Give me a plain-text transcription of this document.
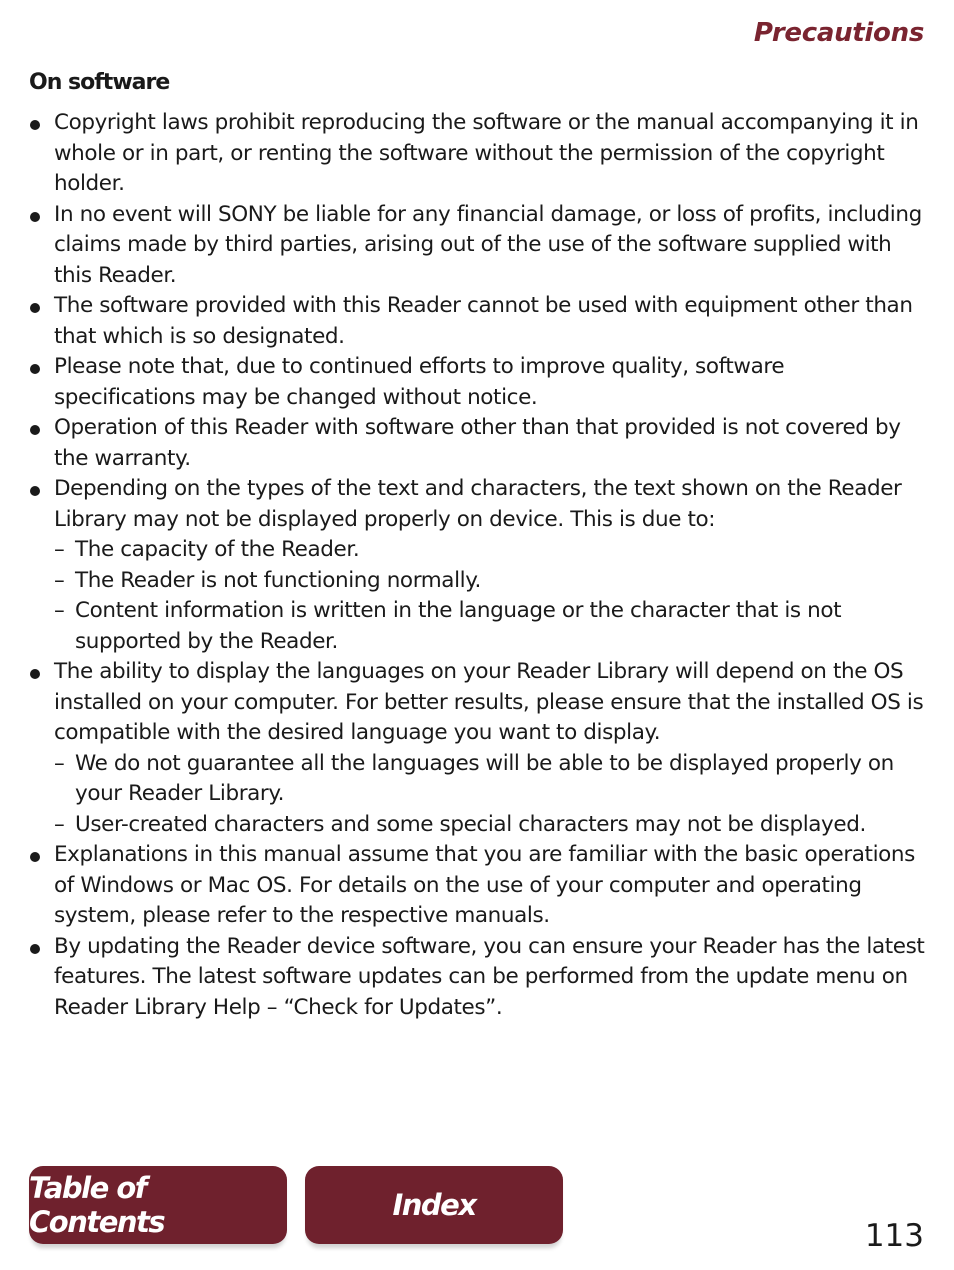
Precautions
On software
Copyright laws prohibit reproducing the software or the manual accompanying it in whole or in part, or renting the software without the permission of the copyright holder.
In no event will SONY be liable for any financial damage, or loss of profits, including claims made by third parties, arising out of the use of the software supplied with this Reader.
The software provided with this Reader cannot be used with equipment other than that which is so designated.
Please note that, due to continued efforts to improve quality, software specifications may be changed without notice.
Operation of this Reader with software other than that provided is not covered by the warranty.
Depending on the types of the text and characters, the text shown on the Reader Library may not be displayed properly on device. This is due to:
– The capacity of the Reader.
– The Reader is not functioning normally.
– Content information is written in the language or the character that is not supported by the Reader.
The ability to display the languages on your Reader Library will depend on the OS installed on your computer. For better results, please ensure that the installed OS is compatible with the desired language you want to display.
– We do not guarantee all the languages will be able to be displayed properly on your Reader Library.
– User-created characters and some special characters may not be displayed.
Explanations in this manual assume that you are familiar with the basic operations of Windows or Mac OS. For details on the use of your computer and operating system, please refer to the respective manuals.
By updating the Reader device software, you can ensure your Reader has the latest features. The latest software updates can be performed from the update menu on Reader Library Help – “Check for Updates”.
Table of Contents	Index
113
